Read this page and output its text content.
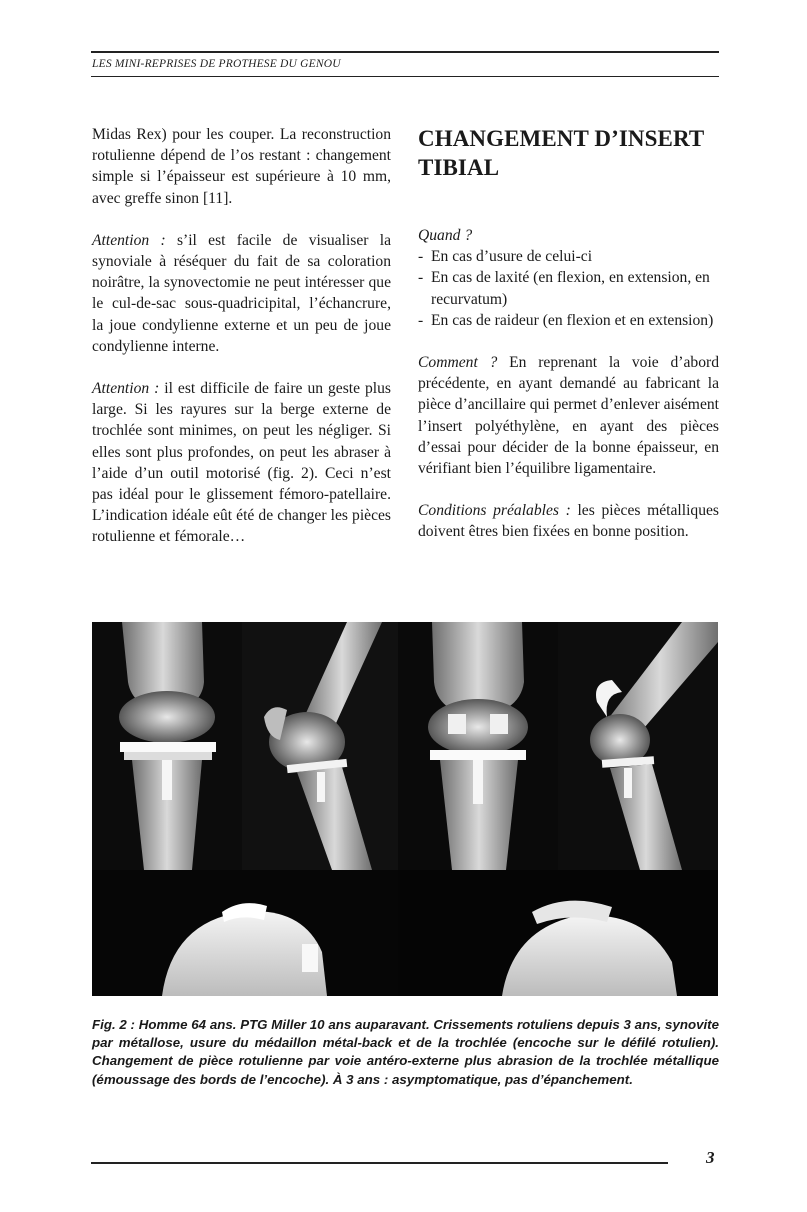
LES MINI-REPRISES DE PROTHESE DU GENOU

Midas Rex) pour les couper. La reconstruction rotulienne dépend de l’os restant : changement simple si l’épaisseur est supérieure à 10 mm, avec greffe sinon [11].

Attention : s’il est facile de visualiser la synoviale à réséquer du fait de sa coloration noirâtre, la synovectomie ne peut intéresser que le cul-de-sac sous-quadricipital, l’échancrure, la joue condylienne externe et un peu de joue condylienne interne.

Attention : il est difficile de faire un geste plus large. Si les rayures sur la berge externe de trochlée sont minimes, on peut les négliger. Si elles sont plus profondes, on peut les abraser à l’aide d’un outil motorisé (fig. 2). Ceci n’est pas idéal pour le glissement fémoro-patellaire. L’indication idéale eût été de changer les pièces rotulienne et fémorale…

CHANGEMENT D’INSERT TIBIAL
Quand ?
- En cas d’usure de celui-ci
- En cas de laxité (en flexion, en extension, en recurvatum)
- En cas de raideur (en flexion et en extension)

Comment ? En reprenant la voie d’abord précédente, en ayant demandé au fabricant la pièce d’ancillaire qui permet d’enlever aisément l’insert polyéthylène, en ayant des pièces d’essai pour décider de la bonne épaisseur, en vérifiant bien l’équilibre ligamentaire.

Conditions préalables : les pièces métalliques doivent êtres bien fixées en bonne position.

Fig. 2 : Homme 64 ans. PTG Miller 10 ans auparavant. Crissements rotuliens depuis 3 ans, synovite par métallose, usure du médaillon métal-back et de la trochlée (encoche sur le défilé rotulien). Changement de pièce rotulienne par voie antéro-externe plus abrasion de la trochlée métallique (émoussage des bords de l’encoche). À 3 ans : asymptomatique, pas d’épanchement.
3
